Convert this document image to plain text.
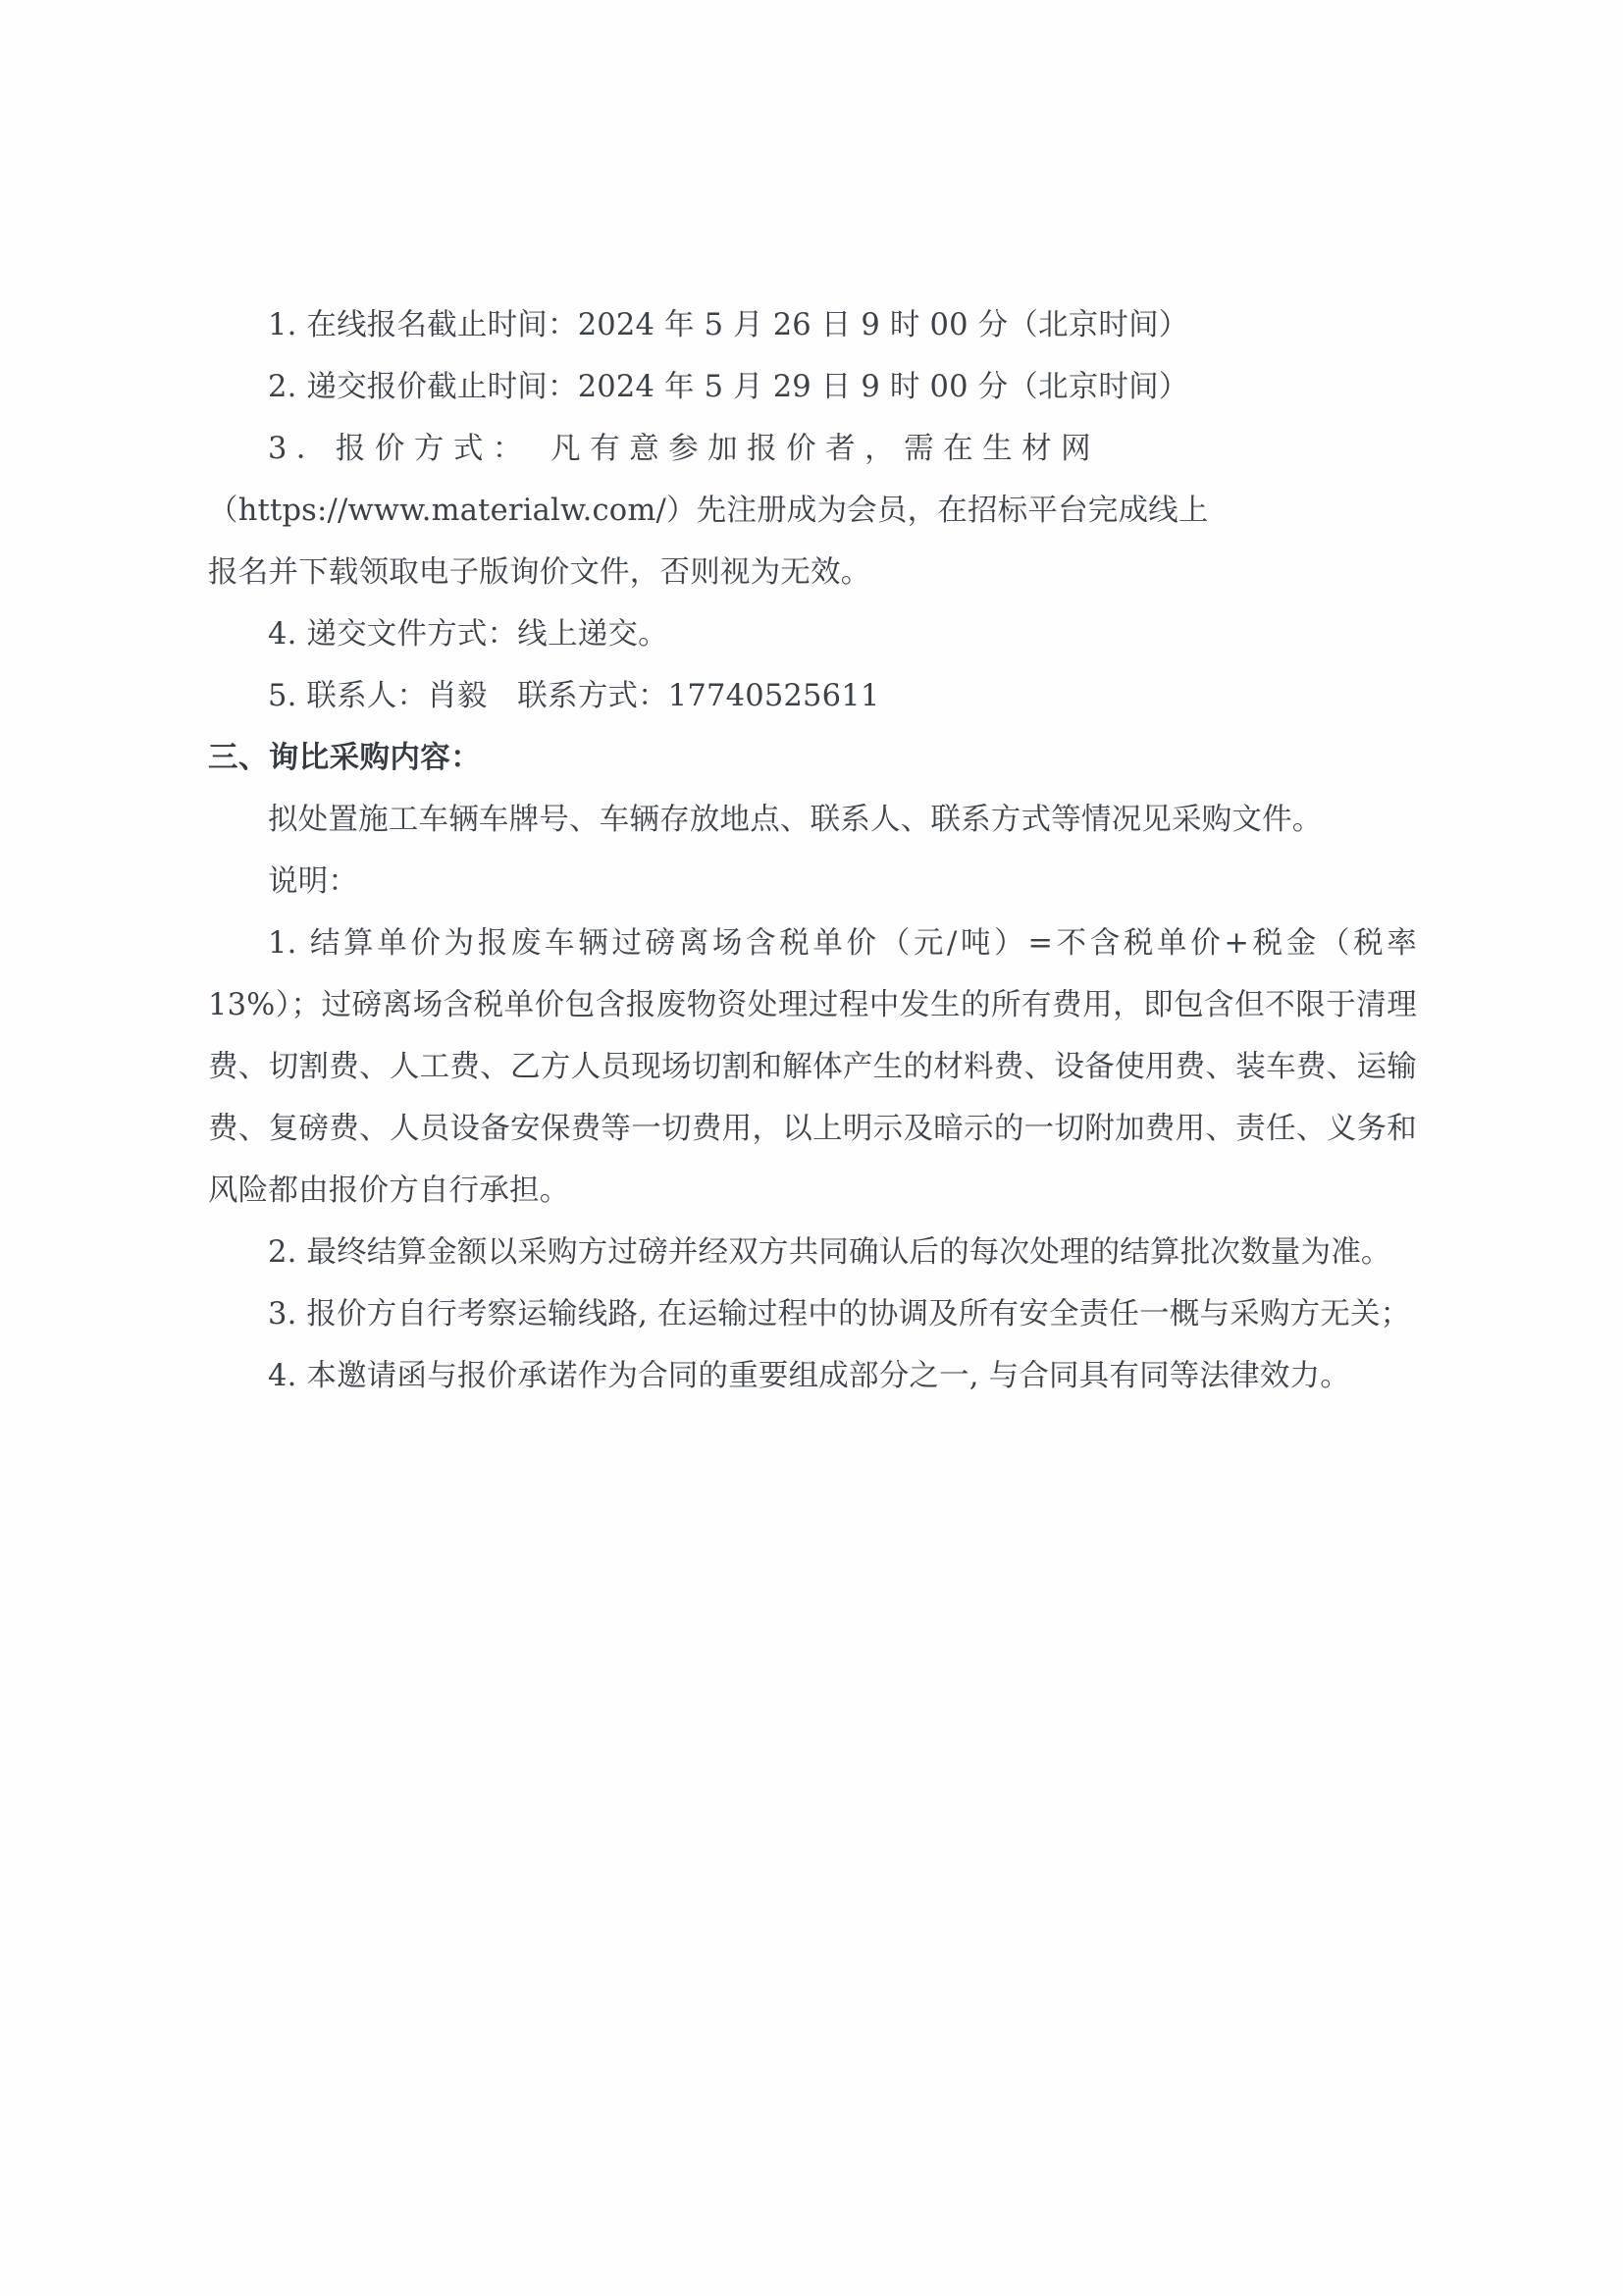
1. 在线报名截止时间：2024 年 5 月 26 日 9 时 00 分（北京时间）

2. 递交报价截止时间：2024 年 5 月 29 日 9 时 00 分（北京时间）

3．报价方式： 凡有意参加报价者，需在生材网

（https://www.materialw.com/）先注册成为会员，在招标平台完成线上

报名并下载领取电子版询价文件，否则视为无效。

4. 递交文件方式：线上递交。

5. 联系人：肖毅　联系方式：17740525611

三、询比采购内容：

拟处置施工车辆车牌号、车辆存放地点、联系人、联系方式等情况见采购文件。

说明：

1. 结算单价为报废车辆过磅离场含税单价（元/吨）=不含税单价+税金（税率 13%）；过磅离场含税单价包含报废物资处理过程中发生的所有费用，即包含但不限于清理费、切割费、人工费、乙方人员现场切割和解体产生的材料费、设备使用费、装车费、运输费、复磅费、人员设备安保费等一切费用，以上明示及暗示的一切附加费用、责任、义务和风险都由报价方自行承担。

2. 最终结算金额以采购方过磅并经双方共同确认后的每次处理的结算批次数量为准。

3. 报价方自行考察运输线路, 在运输过程中的协调及所有安全责任一概与采购方无关；

4. 本邀请函与报价承诺作为合同的重要组成部分之一, 与合同具有同等法律效力。
